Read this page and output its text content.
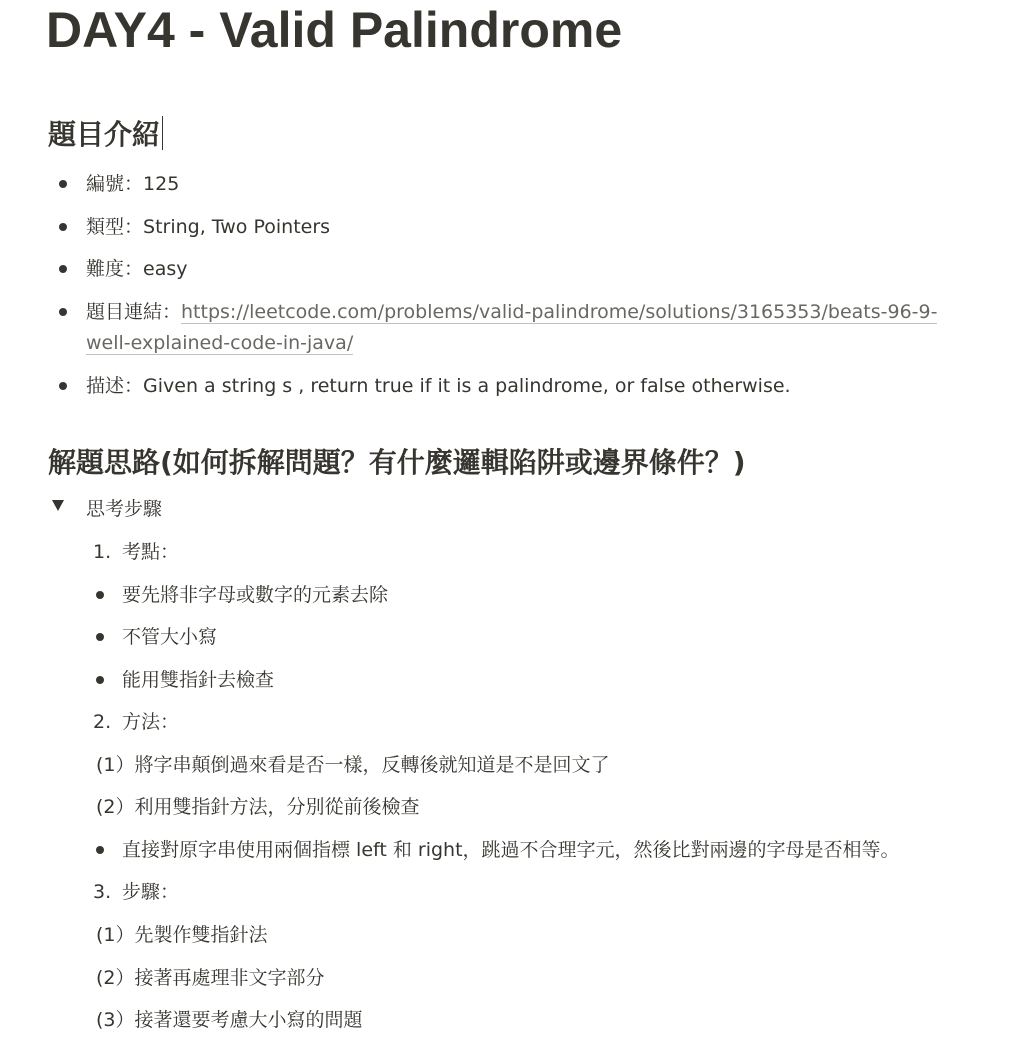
DAY4 - Valid Palindrome
題目介紹
編號：125
類型：String, Two Pointers
難度：easy
題目連結：https://leetcode.com/problems/valid-palindrome/solutions/3165353/beats-96-9-
well-explained-code-in-java/
描述：Given a string s , return true if it is a palindrome, or false otherwise.
解題思路(如何拆解問題？有什麼邏輯陷阱或邊界條件？)
思考步驟
1. 考點：
要先將非字母或數字的元素去除
不管大小寫
能用雙指針去檢查
2. 方法：
(1）將字串顛倒過來看是否一樣，反轉後就知道是不是回文了
(2）利用雙指針方法，分別從前後檢查
直接對原字串使用兩個指標 left 和 right，跳過不合理字元，然後比對兩邊的字母是否相等。
3. 步驟：
(1）先製作雙指針法
(2）接著再處理非文字部分
(3）接著還要考慮大小寫的問題
